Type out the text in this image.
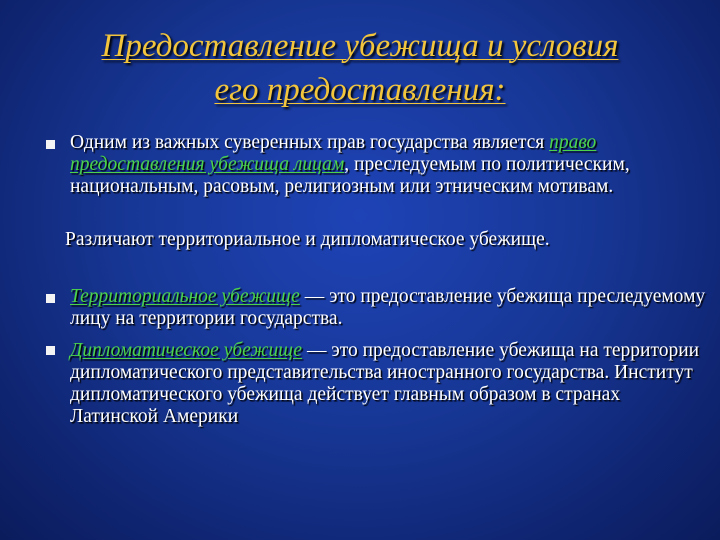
Предоставление убежища и условия
его предоставления:
Одним из важных суверенных прав государства является право предоставления убежища лицам, преследуемым по политическим, национальным, расовым, религиозным или этническим мотивам.
Различают территориальное и дипломатическое убежище.
Территориальное убежище — это предоставление убежища преследуемому лицу на территории государства.
Дипломатическое убежище — это предоставление убежища на территории дипломатического представительства иностранного государства. Институт дипломатического убежища действует главным образом в странах Латинской Америки
